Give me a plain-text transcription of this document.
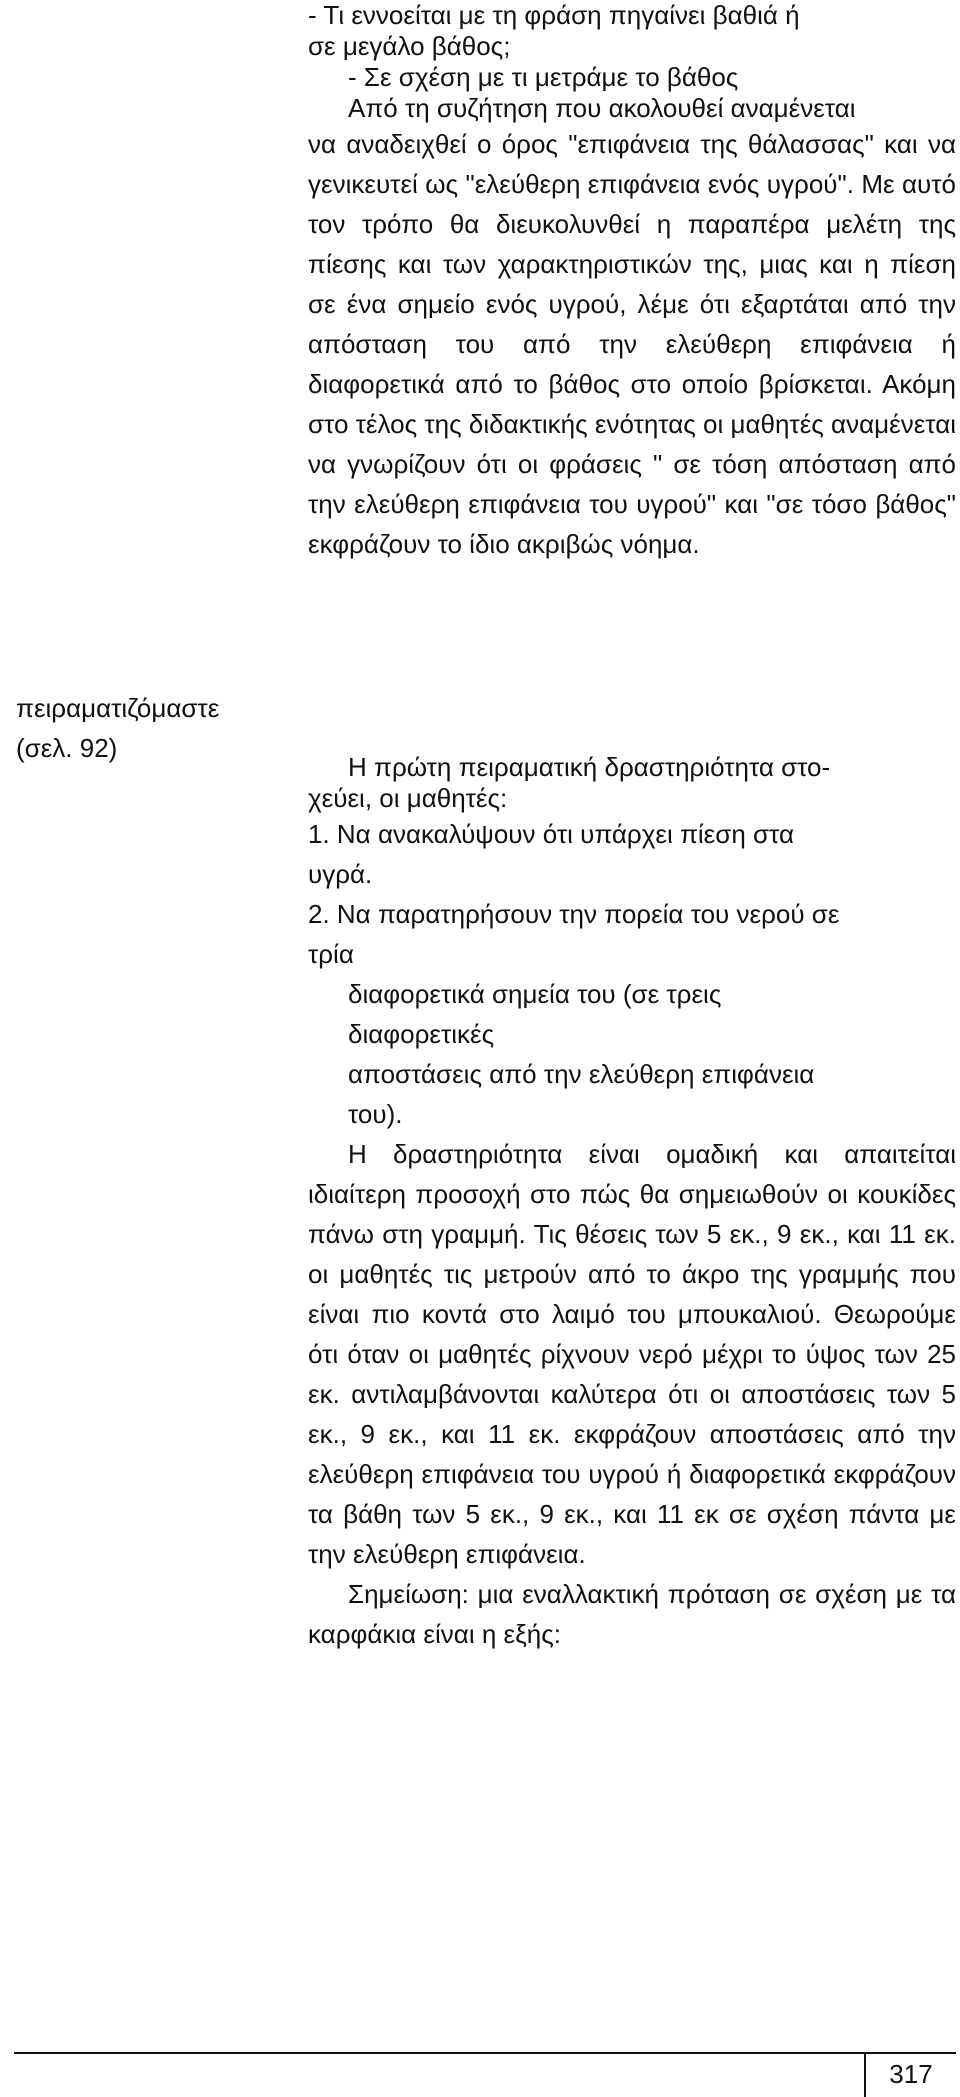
πειραματιζόμαστε
(σελ. 92)
- Τι εννοείται με τη φράση πηγαίνει βαθιά ή
σε μεγάλο βάθος;
- Σε σχέση με τι μετράμε το βάθος
Από τη συζήτηση που ακολουθεί αναμένεται

να αναδειχθεί ο όρος "επιφάνεια της θάλασσας" και να γενικευτεί ως "ελεύθερη επιφάνεια ενός υγρού". Με αυτό τον τρόπο θα διευκολυνθεί η παραπέρα μελέτη της πίεσης και των χαρακτηριστικών της, μιας και η πίεση σε ένα σημείο ενός υγρού, λέμε ότι εξαρτάται από την απόσταση του από την ελεύθερη επιφάνεια ή διαφορετικά από το βάθος στο οποίο βρίσκεται. Ακόμη στο τέλος της διδακτικής ενότητας οι μαθητές αναμένεται να γνωρίζουν ότι οι φράσεις " σε τόση απόσταση από την ελεύθερη επιφάνεια του υγρού" και "σε τόσο βάθος" εκφράζουν το ίδιο ακριβώς νόημα.

Η πρώτη πειραματική δραστηριότητα στο-
χεύει, οι μαθητές:
1. Να ανακαλύψουν ότι υπάρχει πίεση στα
υγρά.
2. Να παρατηρήσουν την πορεία του νερού σε
τρία
διαφορετικά σημεία του (σε τρεις
διαφορετικές
αποστάσεις από την ελεύθερη επιφάνεια
του).

Η δραστηριότητα είναι ομαδική και απαιτείται ιδιαίτερη προσοχή στο πώς θα σημειωθούν οι κουκίδες πάνω στη γραμμή. Τις θέσεις των 5 εκ., 9 εκ., και 11 εκ. οι μαθητές τις μετρούν από το άκρο της γραμμής που είναι πιο κοντά στο λαιμό του μπουκαλιού. Θεωρούμε ότι όταν οι μαθητές ρίχνουν νερό μέχρι το ύψος των 25 εκ. αντιλαμβάνονται καλύτερα ότι οι αποστάσεις των 5 εκ., 9 εκ., και 11 εκ. εκφράζουν αποστάσεις από την ελεύθερη επιφάνεια του υγρού ή διαφορετικά εκφράζουν τα βάθη των 5 εκ., 9 εκ., και 11 εκ σε σχέση πάντα με την ελεύθερη επιφάνεια.

Σημείωση: μια εναλλακτική πρόταση σε σχέση με τα καρφάκια είναι η εξής:

317
